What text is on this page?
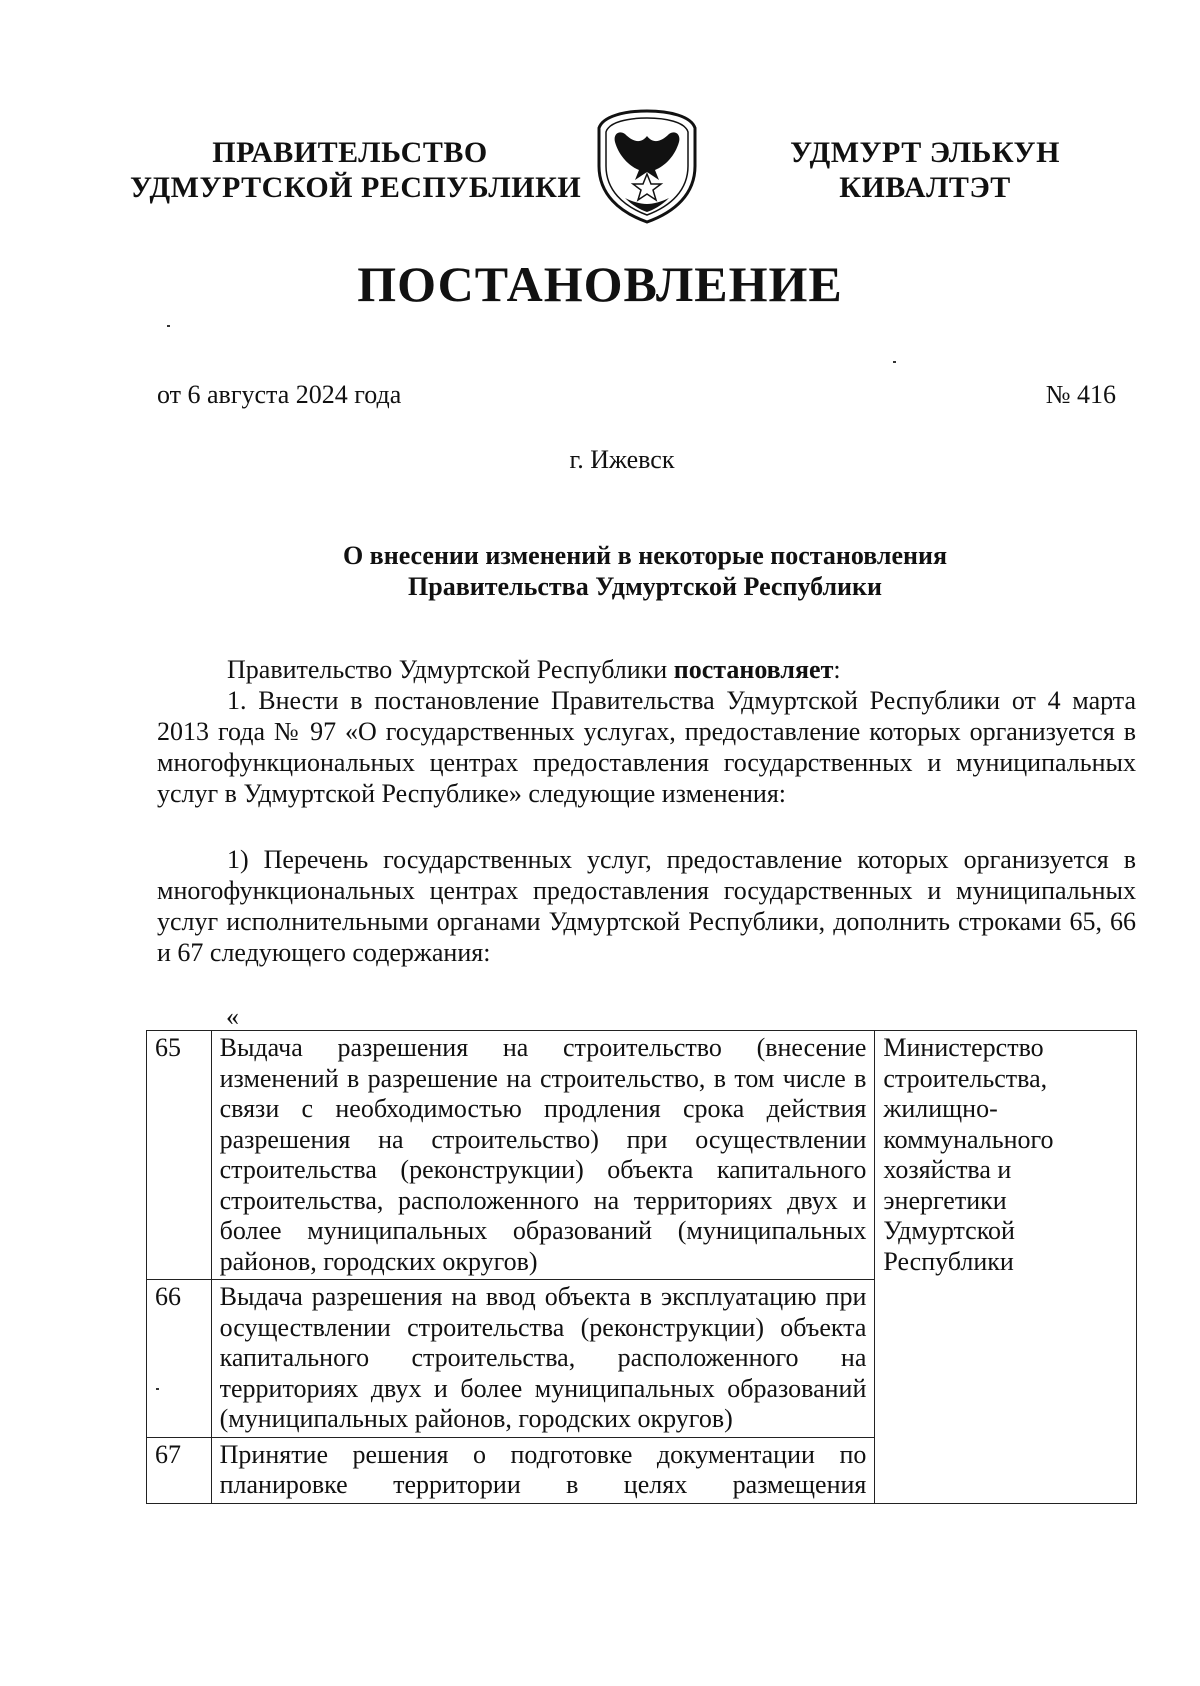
ПРАВИТЕЛЬСТВО
УДМУРТСКОЙ РЕСПУБЛИКИ
УДМУРТ ЭЛЬКУН
КИВАЛТЭТ
ПОСТАНОВЛЕНИЕ
от 6 августа 2024 года	№ 416
г. Ижевск
О внесении изменений в некоторые постановления
Правительства Удмуртской Республики
Правительство Удмуртской Республики постановляет:
1. Внести в постановление Правительства Удмуртской Республики от 4 марта 2013 года № 97 «О государственных услугах, предоставление которых организуется в многофункциональных центрах предоставления государственных и муниципальных услуг в Удмуртской Республике» следующие изменения:
1) Перечень государственных услуг, предоставление которых организуется в многофункциональных центрах предоставления государственных и муниципальных услуг исполнительными органами Удмуртской Республики, дополнить строками 65, 66 и 67 следующего содержания:
«
65	Выдача разрешения на строительство (внесение изменений в разрешение на строительство, в том числе в связи с необходимостью продления срока действия разрешения на строительство) при осуществлении строительства (реконструкции) объекта капитального строительства, расположенного на территориях двух и более муниципальных образований (муниципальных районов, городских округов)	Министерство строительства, жилищно-коммунального хозяйства и энергетики Удмуртской Республики
66	Выдача разрешения на ввод объекта в эксплуатацию при осуществлении строительства (реконструкции) объекта капитального строительства, расположенного на территориях двух и более муниципальных образований (муниципальных районов, городских округов)	
67	Принятие решения о подготовке документации по планировке территории в целях размещения	
